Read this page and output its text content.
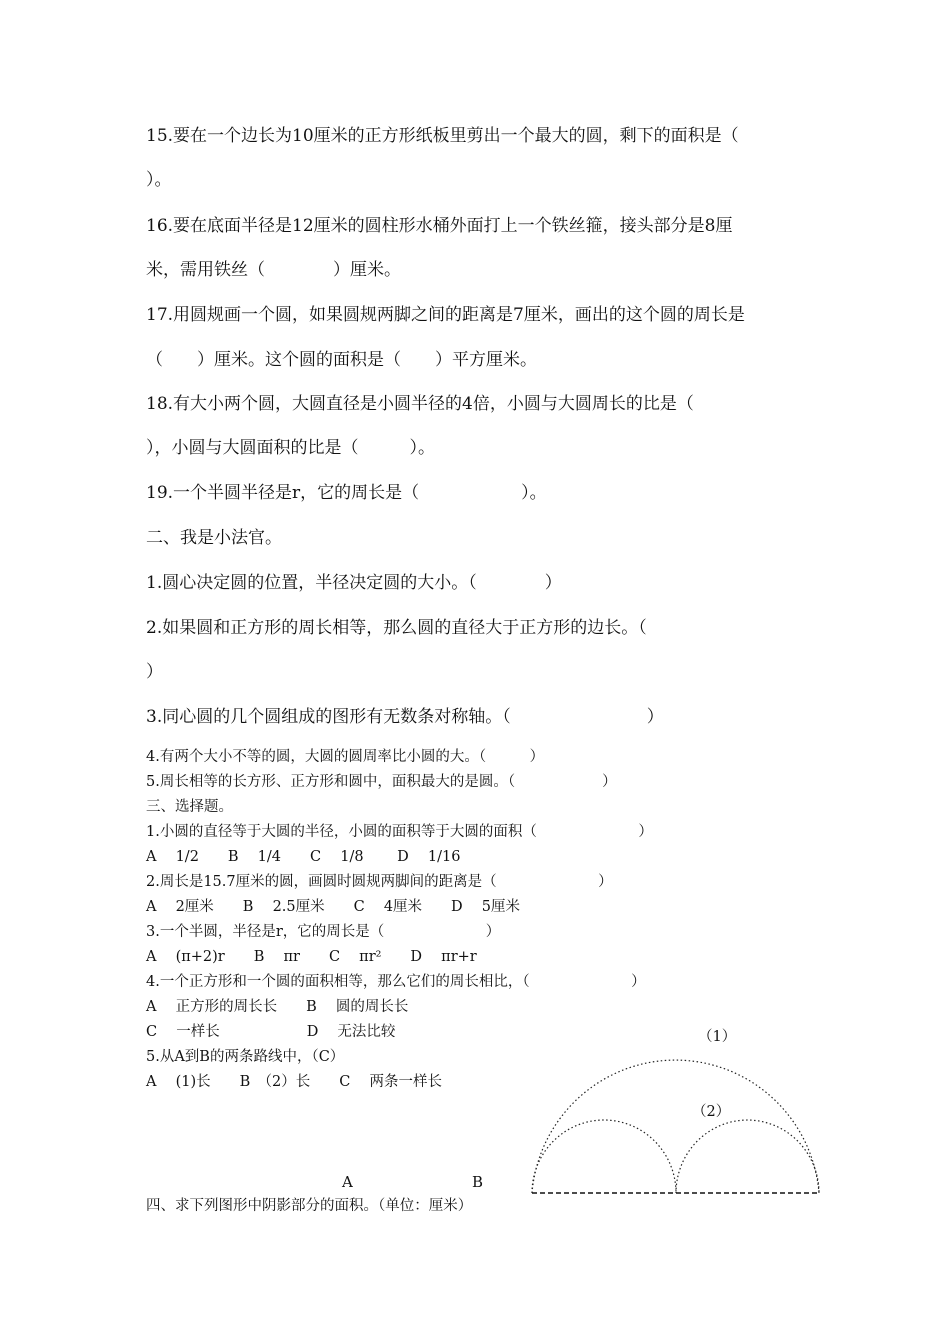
15.要在一个边长为10厘米的正方形纸板里剪出一个最大的圆，剩下的面积是（
）。
16.要在底面半径是12厘米的圆柱形水桶外面打上一个铁丝箍，接头部分是8厘
米，需用铁丝（　　　　）厘米。
17.用圆规画一个圆，如果圆规两脚之间的距离是7厘米，画出的这个圆的周长是
（　　）厘米。这个圆的面积是（　　）平方厘米。
18.有大小两个圆，大圆直径是小圆半径的4倍，小圆与大圆周长的比是（
），小圆与大圆面积的比是（　　　）。
19.一个半圆半径是r，它的周长是（　　　　　　）。
二、我是小法官。
1.圆心决定圆的位置，半径决定圆的大小。（　　　　）
2.如果圆和正方形的周长相等，那么圆的直径大于正方形的边长。（
）
3.同心圆的几个圆组成的图形有无数条对称轴。（　　　　　　　　）
4.有两个大小不等的圆，大圆的圆周率比小圆的大。（　　　）
5.周长相等的长方形、正方形和圆中，面积最大的是圆。（　　　　　　）
三、选择题。
1.小圆的直径等于大圆的半径，小圆的面积等于大圆的面积（　　　　　　　）
A　 1/2　　B　 1/4　　C　 1/8　　 D　 1/16
2.周长是15.7厘米的圆，画圆时圆规两脚间的距离是（　　　　　　　）
A　 2厘米　　B　 2.5厘米　　C　 4厘米　　D　 5厘米
3.一个半圆，半径是r，它的周长是（　　　　　　　）
A　 (π+2)r　　B　 πr　　C　 πr²　　D　 πr+r
4.一个正方形和一个圆的面积相等，那么它们的周长相比，（　　　　　　　）
A　 正方形的周长长　　B　 圆的周长长
C　 一样长　　　　　　D　 无法比较
5.从A到B的两条路线中，（C）
A　 (1)长　　B　（2）长　　C　 两条一样长
（1）
（2）
A	B
四、求下列图形中阴影部分的面积。（单位：厘米）
